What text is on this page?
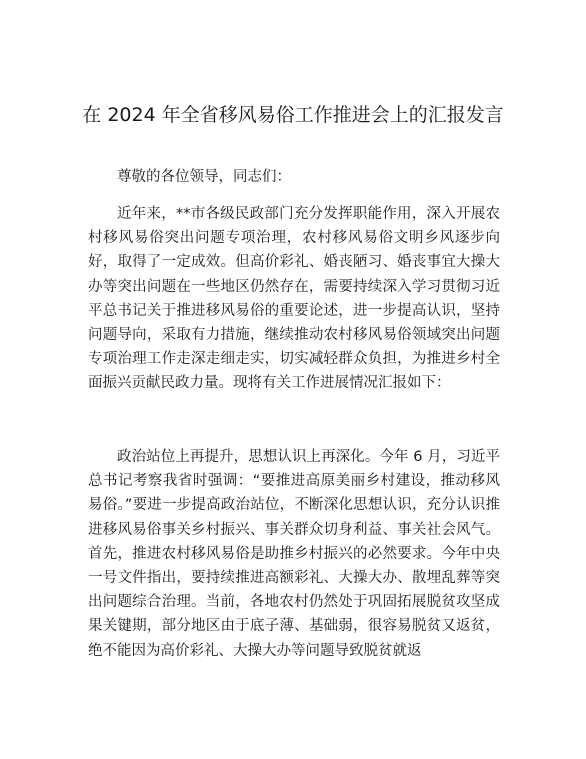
在 2024 年全省移风易俗工作推进会上的汇报发言

尊敬的各位领导，同志们：

近年来，**市各级民政部门充分发挥职能作用，深入开展农村移风易俗突出问题专项治理，农村移风易俗文明乡风逐步向好，取得了一定成效。但高价彩礼、婚丧陋习、婚丧事宜大操大办等突出问题在一些地区仍然存在，需要持续深入学习贯彻习近平总书记关于推进移风易俗的重要论述，进一步提高认识，坚持问题导向，采取有力措施，继续推动农村移风易俗领域突出问题专项治理工作走深走细走实，切实减轻群众负担，为推进乡村全面振兴贡献民政力量。现将有关工作进展情况汇报如下：

政治站位上再提升，思想认识上再深化。今年 6 月，习近平总书记考察我省时强调：“要推进高原美丽乡村建设，推动移风易俗。”要进一步提高政治站位，不断深化思想认识，充分认识推进移风易俗事关乡村振兴、事关群众切身利益、事关社会风气。首先，推进农村移风易俗是助推乡村振兴的必然要求。今年中央一号文件指出，要持续推进高额彩礼、大操大办、散埋乱葬等突出问题综合治理。当前，各地农村仍然处于巩固拓展脱贫攻坚成果关键期，部分地区由于底子薄、基础弱，很容易脱贫又返贫，绝不能因为高价彩礼、大操大办等问题导致脱贫就返
